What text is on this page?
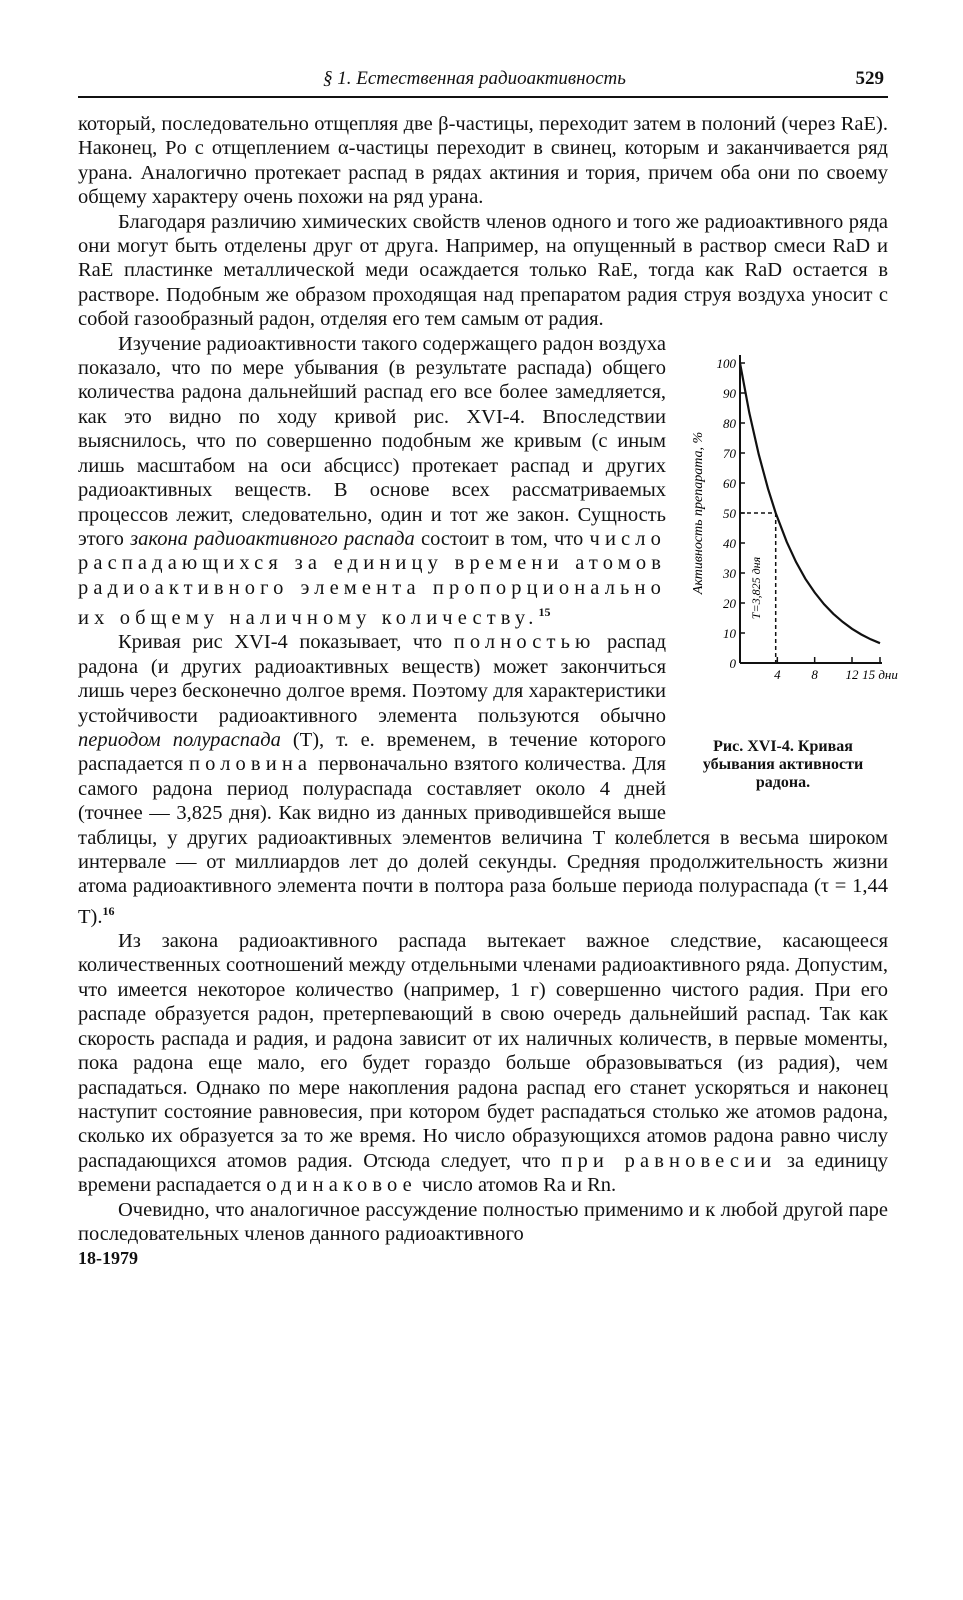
§ 1. Естественная радиоактивность	529

который, последовательно отщепляя две β-частицы, переходит затем в полоний (через RaE). Наконец, Po с отщеплением α-частицы переходит в свинец, которым и заканчивается ряд урана. Аналогично протекает распад в рядах актиния и тория, причем оба они по своему общему характеру очень похожи на ряд урана.

Благодаря различию химических свойств членов одного и того же радиоактивного ряда они могут быть отделены друг от друга. Например, на опущенный в раствор смеси RaD и RaE пластинке металлической меди осаждается только RaE, тогда как RaD остается в растворе. Подобным же образом проходящая над препаратом радия струя воздуха уносит с собой газообразный радон, отделяя его тем самым от радия.

0
10
20
30
40
50
60
70
80
90
100
4 8 12 15 дни
Активность препарата, %	T=3,825 дня
Рис. XVI-4. Кривая убывания активности радона.

Изучение радиоактивности такого содержащего радон воздуха показало, что по мере убывания (в результате распада) общего количества радона дальнейший распад его все более замедляется, как это видно по ходу кривой рис. XVI-4. Впоследствии выяснилось, что по совершенно подобным же кривым (с иным лишь масштабом на оси абсцисс) протекает распад и других радиоактивных веществ. В основе всех рассматриваемых процессов лежит, следовательно, один и тот же закон. Сущность этого закона радиоактивного распада состоит в том, что число распадающихся за единицу времени атомов радиоактивного элемента пропорционально их общему наличному количеству.$^{15}$

Кривая рис XVI-4 показывает, что полностью распад радона (и других радиоактивных веществ) может закончиться лишь через бесконечно долгое время. Поэтому для характеристики устойчивости радиоактивного элемента пользуются обычно периодом полураспада (T), т. е. временем, в течение которого распадается половина первоначально взятого количества. Для самого радона период полураспада составляет около 4 дней (точнее — 3,825 дня). Как видно из данных приводившейся выше таблицы, у других радиоактивных элементов величина T колеблется в весьма широком интервале — от миллиардов лет до долей секунды. Средняя продолжительность жизни атома радиоактивного элемента почти в полтора раза больше периода полураспада (τ = 1,44 T).$^{16}$

Из закона радиоактивного распада вытекает важное следствие, касающееся количественных соотношений между отдельными членами радиоактивного ряда. Допустим, что имеется некоторое количество (например, 1 г) совершенно чистого радия. При его распаде образуется радон, претерпевающий в свою очередь дальнейший распад. Так как скорость распада и радия, и радона зависит от их наличных количеств, в первые моменты, пока радона еще мало, его будет гораздо больше образовываться (из радия), чем распадаться. Однако по мере накопления радона распад его станет ускоряться и наконец наступит состояние равновесия, при котором будет распадаться столько же атомов радона, сколько их образуется за то же время. Но число образующихся атомов радона равно числу распадающихся атомов радия. Отсюда следует, что при равновесии за единицу времени распадается одинаковое число атомов Ra и Rn.

Очевидно, что аналогичное рассуждение полностью применимо и к любой другой паре последовательных членов данного радиоактивного

18-1979
